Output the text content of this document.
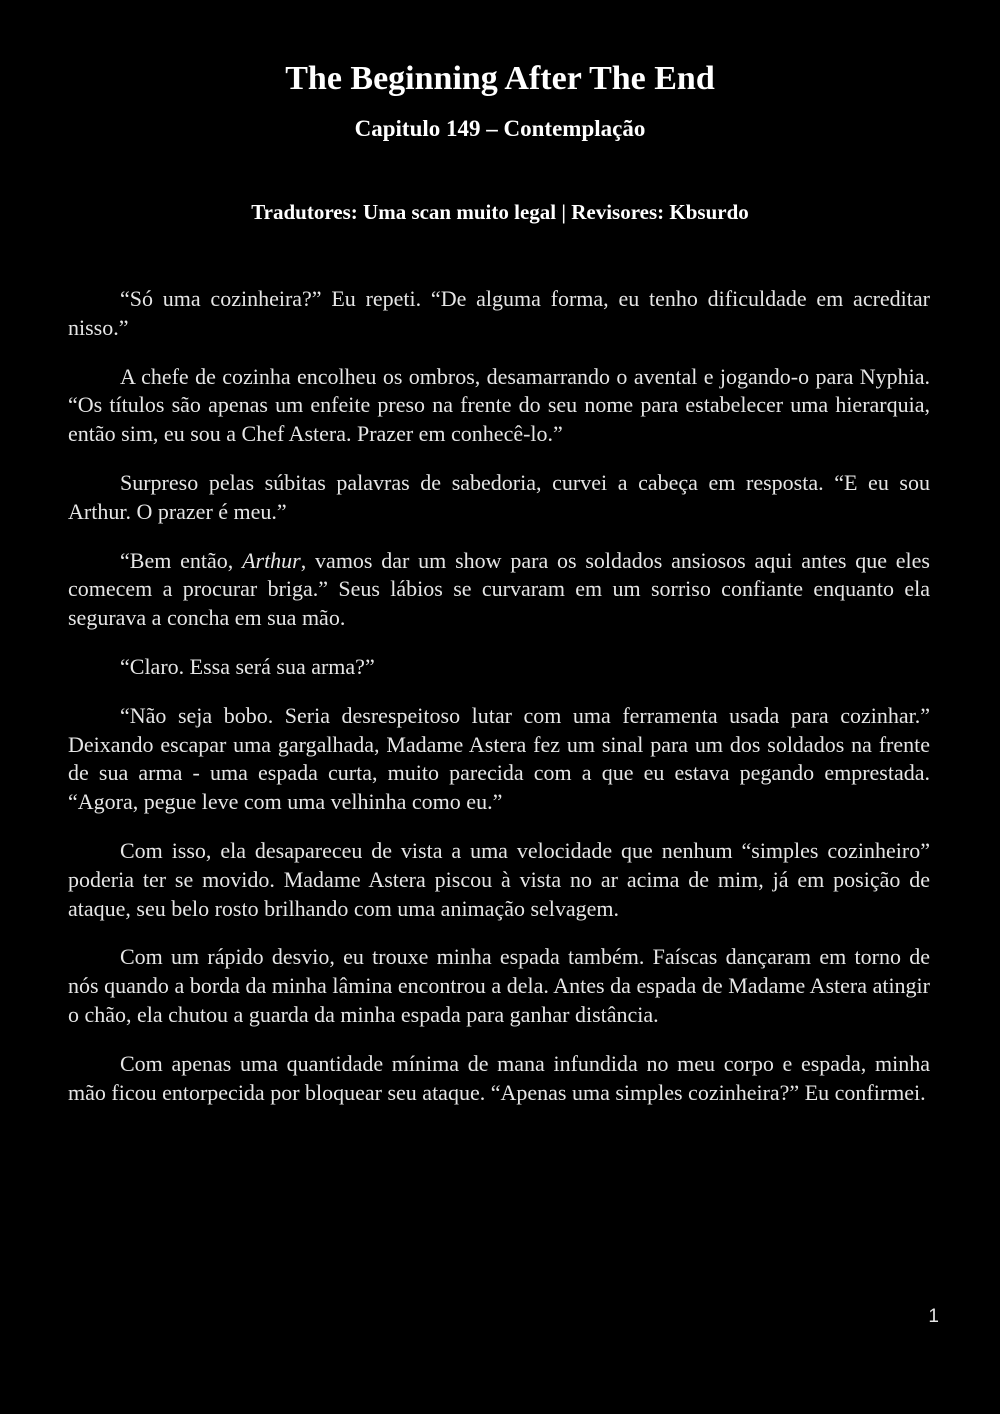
The Beginning After The End
Capitulo 149 – Contemplação
Tradutores: Uma scan muito legal | Revisores: Kbsurdo

“Só uma cozinheira?” Eu repeti. “De alguma forma, eu tenho dificuldade em acreditar nisso.”

A chefe de cozinha encolheu os ombros, desamarrando o avental e jogando-o para Nyphia. “Os títulos são apenas um enfeite preso na frente do seu nome para estabelecer uma hierarquia, então sim, eu sou a Chef Astera. Prazer em conhecê-lo.”

Surpreso pelas súbitas palavras de sabedoria, curvei a cabeça em resposta. “E eu sou Arthur. O prazer é meu.”

“Bem então, Arthur, vamos dar um show para os soldados ansiosos aqui antes que eles comecem a procurar briga.” Seus lábios se curvaram em um sorriso confiante enquanto ela segurava a concha em sua mão.

“Claro. Essa será sua arma?”

“Não seja bobo. Seria desrespeitoso lutar com uma ferramenta usada para cozinhar.” Deixando escapar uma gargalhada, Madame Astera fez um sinal para um dos soldados na frente de sua arma - uma espada curta, muito parecida com a que eu estava pegando emprestada. “Agora, pegue leve com uma velhinha como eu.”

Com isso, ela desapareceu de vista a uma velocidade que nenhum “simples cozinheiro” poderia ter se movido. Madame Astera piscou à vista no ar acima de mim, já em posição de ataque, seu belo rosto brilhando com uma animação selvagem.

Com um rápido desvio, eu trouxe minha espada também. Faíscas dançaram em torno de nós quando a borda da minha lâmina encontrou a dela. Antes da espada de Madame Astera atingir o chão, ela chutou a guarda da minha espada para ganhar distância.

Com apenas uma quantidade mínima de mana infundida no meu corpo e espada, minha mão ficou entorpecida por bloquear seu ataque. “Apenas uma simples cozinheira?” Eu confirmei.

1
